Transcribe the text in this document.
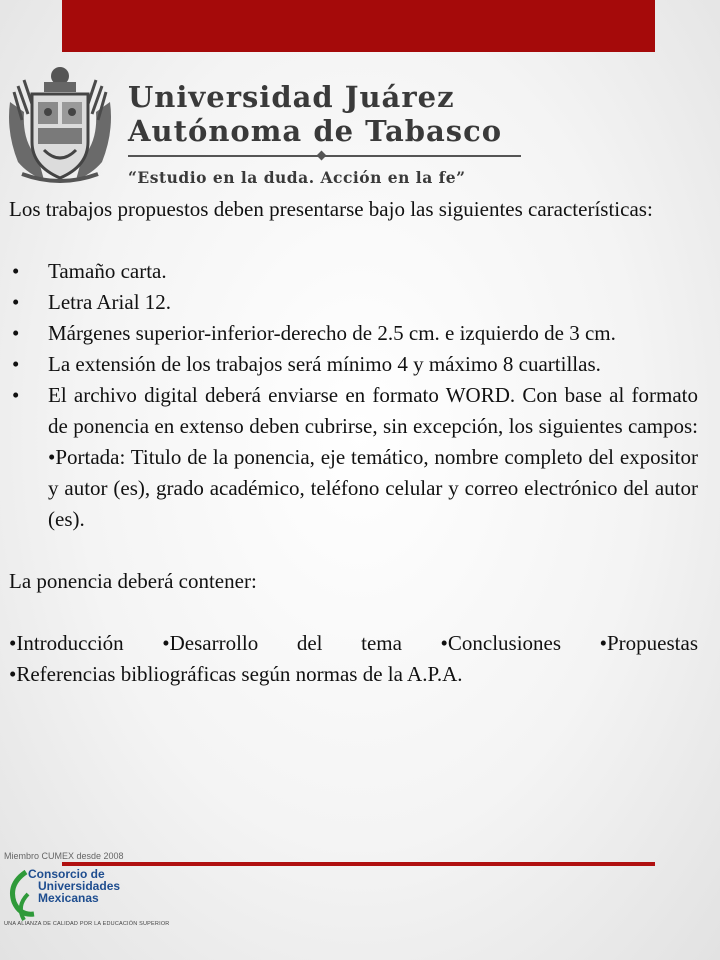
Universidad Juárez
Autónoma de Tabasco
“Estudio en la duda. Acción en la fe”

Los trabajos propuestos deben presentarse bajo las siguientes características:

• Tamaño carta.
• Letra Arial 12.
• Márgenes superior-inferior-derecho de 2.5 cm. e izquierdo de 3 cm.
• La extensión de los trabajos será mínimo 4 y máximo 8 cuartillas.
• El archivo digital deberá enviarse en formato WORD. Con base al formato de ponencia en extenso deben cubrirse, sin excepción, los siguientes campos: •Portada: Titulo de la ponencia, eje temático, nombre completo del expositor y autor (es), grado académico, teléfono celular y correo electrónico del autor (es).

La ponencia deberá contener:

•Introducción •Desarrollo del tema •Conclusiones •Propuestas

•Referencias bibliográficas según normas de la A.P.A.

Miembro CUMEX desde 2008
Consorcio de
Universidades
Mexicanas
UNA ALIANZA DE CALIDAD POR LA EDUCACIÓN SUPERIOR
